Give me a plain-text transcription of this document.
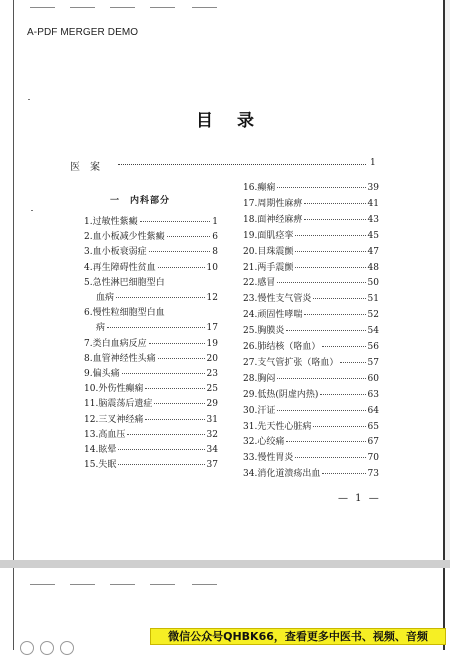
A-PDF MERGER DEMO
目录
医案	1
一　内科部分
1.过敏性紫癜	1
2.血小板减少性紫癜	6
3.血小板衰弱症	8
4.再生障碍性贫血	10
5.急性淋巴细胞型白
血病	12
6.慢性粒细胞型白血
病	17
7.类白血病反应	19
8.血管神经性头痛	20
9.偏头痛	23
10.外伤性癫痫	25
11.脑震荡后遗症	29
12.三叉神经痛	31
13.高血压	32
14.眩晕	34
15.失眠	37
16.癫痫	39
17.周期性麻痹	41
18.面神经麻痹	43
19.面肌痉挛	45
20.目珠震颤	47
21.两手震颤	48
22.感冒	50
23.慢性支气管炎	51
24.顽固性哮喘	52
25.胸膜炎	54
26.肺结核（咯血）	56
27.支气管扩张（咯血）	57
28.胸闷	60
29.低热(阴虚内热)	63
30.汗证	64
31.先天性心脏病	65
32.心绞痛	67
33.慢性胃炎	70
34.消化道溃疡出血	73
— 1 —
微信公众号QHBK66，查看更多中医书、视频、音频
